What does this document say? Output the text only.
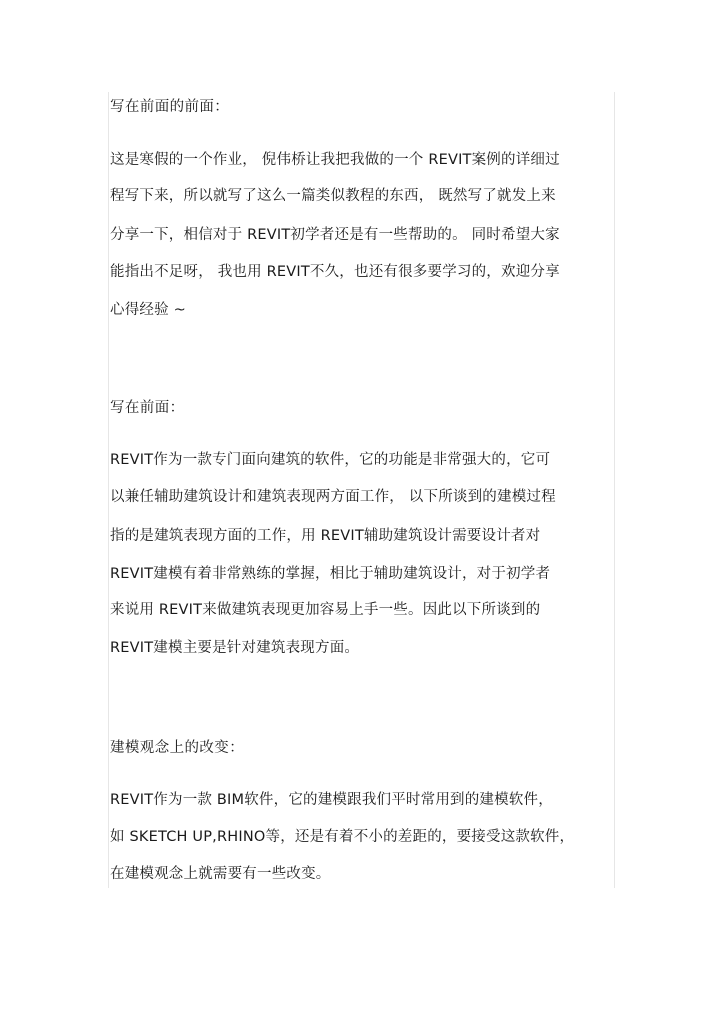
写在前面的前面：
这是寒假的一个作业， 倪伟桥让我把我做的一个 REVIT案例的详细过
程写下来，所以就写了这么一篇类似教程的东西， 既然写了就发上来
分享一下，相信对于 REVIT初学者还是有一些帮助的。 同时希望大家
能指出不足呀， 我也用 REVIT不久，也还有很多要学习的，欢迎分享
心得经验 ~
写在前面：
REVIT作为一款专门面向建筑的软件，它的功能是非常强大的，它可
以兼任辅助建筑设计和建筑表现两方面工作， 以下所谈到的建模过程
指的是建筑表现方面的工作，用 REVIT辅助建筑设计需要设计者对
REVIT建模有着非常熟练的掌握，相比于辅助建筑设计，对于初学者
来说用 REVIT来做建筑表现更加容易上手一些。因此以下所谈到的
REVIT建模主要是针对建筑表现方面。
建模观念上的改变：
REVIT作为一款 BIM软件，它的建模跟我们平时常用到的建模软件，
如 SKETCH UP,RHINO等，还是有着不小的差距的，要接受这款软件，
在建模观念上就需要有一些改变。
